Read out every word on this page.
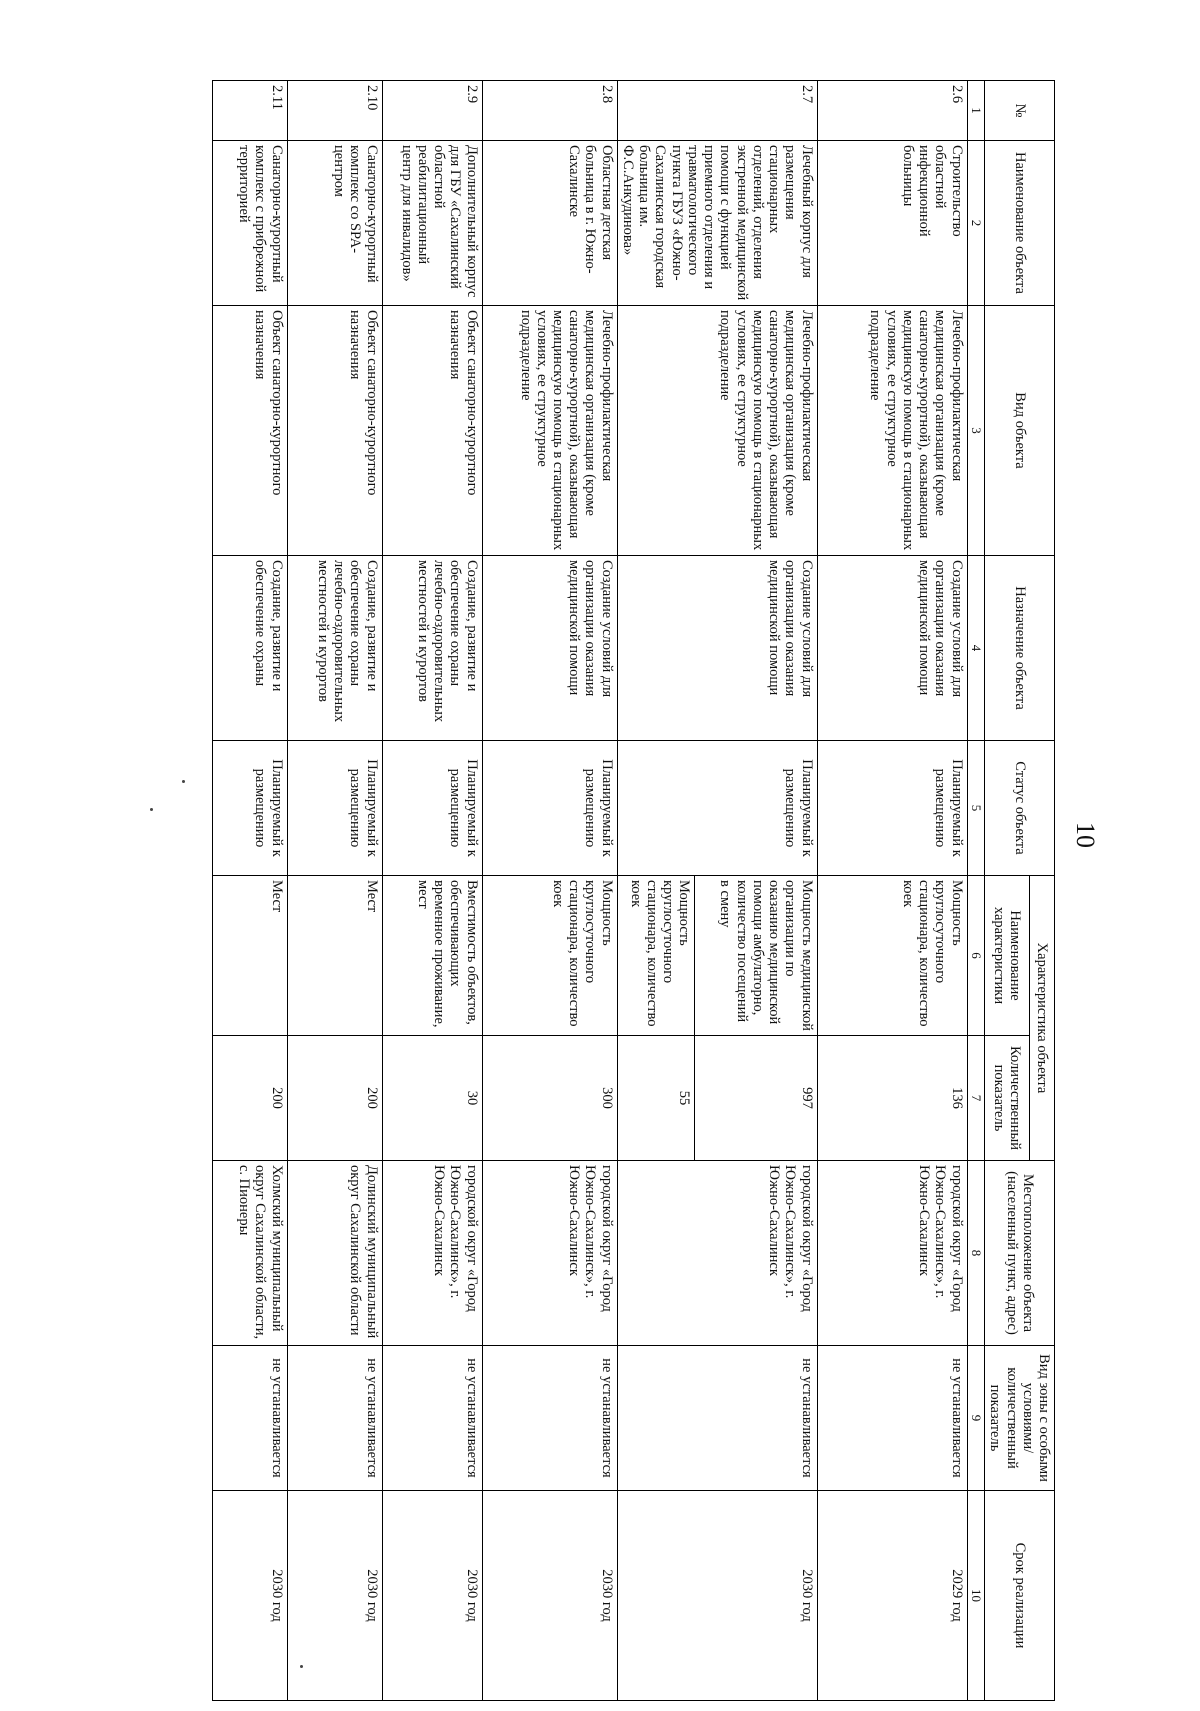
10
№	Наименование объекта	Вид объекта	Назначение объекта	Статус объекта	Характеристика объекта		Местоположение объекта (населенный пункт, адрес)	Вид зоны с особыми условиями/ количественный показатель	Срок реализации
					Наименование характеристики	Количественный показатель			
1	2	3	4	5	6	7	8	9	10
2.6	Строительство областной инфекционной больницы	Лечебно-профилактическая медицинская организация (кроме санаторно-курортной), оказывающая медицинскую помощь в стационарных условиях, ее структурное подразделение	Создание условий для организации оказания медицинской помощи	Планируемый к размещению	Мощность круглосуточного стационара, количество коек	136	городской округ «Город Южно-Сахалинск», г. Южно-Сахалинск	не устанавливается	2029 год
2.7	Лечебный корпус для размещения стационарных отделений, отделения экстренной медицинской помощи с функцией приемного отделения и травматологического пункта ГБУЗ «Южно-Сахалинская городская больница им. Ф.С.Анкудинова»	Лечебно-профилактическая медицинская организация (кроме санаторно-курортной), оказывающая медицинскую помощь в стационарных условиях, ее структурное подразделение	Создание условий для организации оказания медицинской помощи	Планируемый к размещению	Мощность медицинской организации по оказанию медицинской помощи амбулаторно, количество посещений в смену	997	городской округ «Город Южно-Сахалинск», г. Южно-Сахалинск	не устанавливается	2030 год
					Мощность круглосуточного стационара, количество коек	55			
2.8	Областная детская больница в г. Южно-Сахалинске	Лечебно-профилактическая медицинская организация (кроме санаторно-курортной), оказывающая медицинскую помощь в стационарных условиях, ее структурное подразделение	Создание условий для организации оказания медицинской помощи	Планируемый к размещению	Мощность круглосуточного стационара, количество коек	300	городской округ «Город Южно-Сахалинск», г. Южно-Сахалинск	не устанавливается	2030 год
2.9	Дополнительный корпус для ГБУ «Сахалинский областной реабилитационный центр для инвалидов»	Объект санаторно-курортного назначения	Создание, развитие и обеспечение охраны лечебно-оздоровительных местностей и курортов	Планируемый к размещению	Вместимость объектов, обеспечивающих временное проживание, мест	30	городской округ «Город Южно-Сахалинск», г. Южно-Сахалинск	не устанавливается	2030 год
2.10	Санаторно-курортный комплекс со SPA-центром	Объект санаторно-курортного назначения	Создание, развитие и обеспечение охраны лечебно-оздоровительных местностей и курортов	Планируемый к размещению	Мест	200	Долинский муниципальный округ Сахалинской области	не устанавливается	2030 год
2.11	Санаторно-курортный комплекс с прибрежной территорией	Объект санаторно-курортного назначения	Создание, развитие и обеспечение охраны	Планируемый к размещению	Мест	200	Холмский муниципальный округ Сахалинской области, с. Пионеры	не устанавливается	2030 год
